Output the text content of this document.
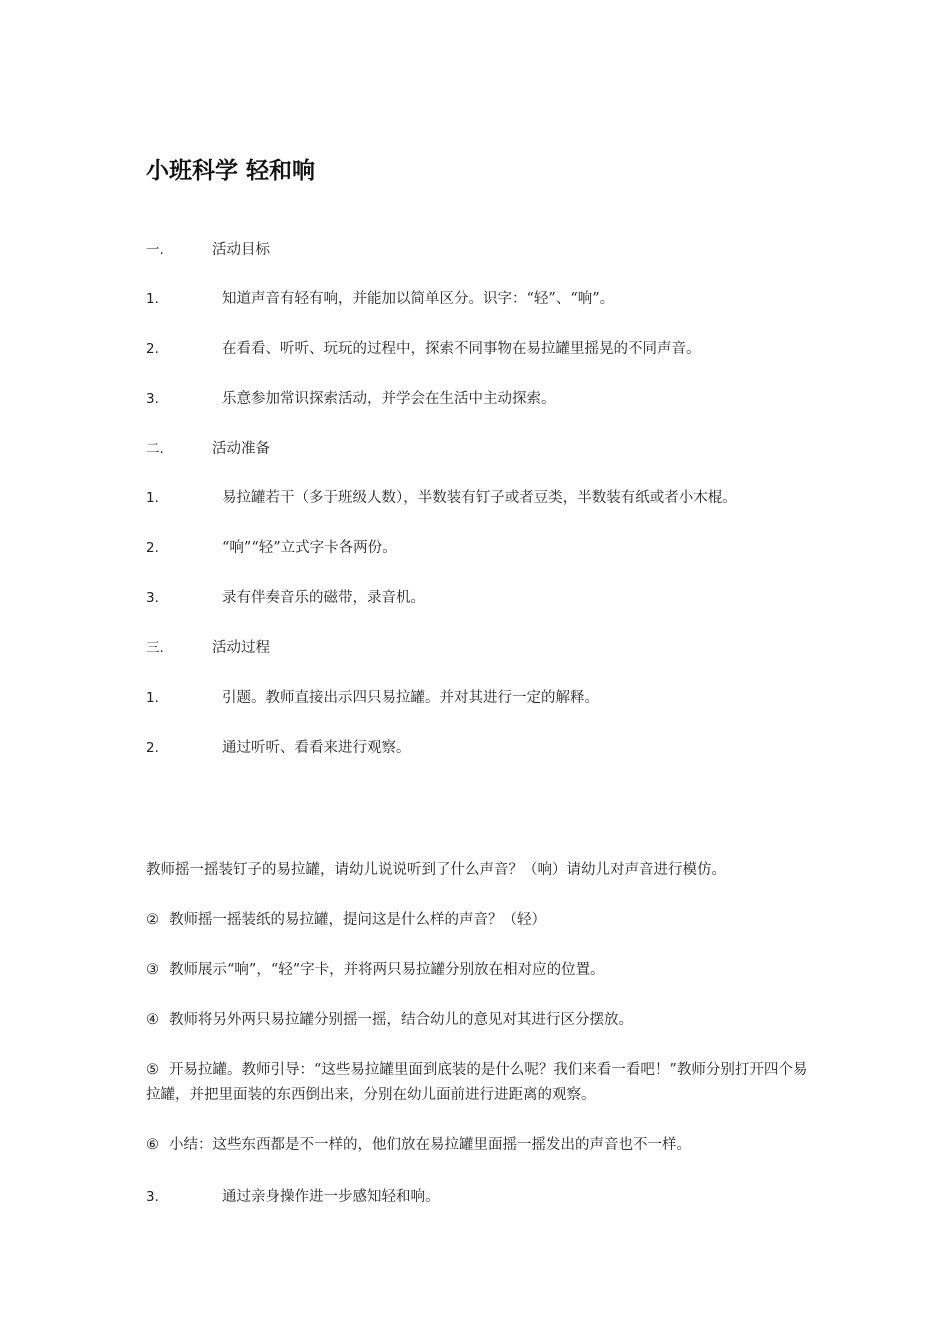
小班科学 轻和响
一.	活动目标
1.	知道声音有轻有响，并能加以简单区分。识字：“轻”、“响”。
2.	在看看、听听、玩玩的过程中，探索不同事物在易拉罐里摇晃的不同声音。
3.	乐意参加常识探索活动，并学会在生活中主动探索。
二.	活动准备
1.	易拉罐若干（多于班级人数），半数装有钉子或者豆类，半数装有纸或者小木棍。
2.	“响”“轻”立式字卡各两份。
3.	录有伴奏音乐的磁带，录音机。
三.	活动过程
1.	引题。教师直接出示四只易拉罐。并对其进行一定的解释。
2.	通过听听、看看来进行观察。
教师摇一摇装钉子的易拉罐，请幼儿说说听到了什么声音？（响）请幼儿对声音进行模仿。
② 教师摇一摇装纸的易拉罐，提问这是什么样的声音？（轻）
③ 教师展示“响”，“轻”字卡，并将两只易拉罐分别放在相对应的位置。
④ 教师将另外两只易拉罐分别摇一摇，结合幼儿的意见对其进行区分摆放。
⑤ 开易拉罐。教师引导：“这些易拉罐里面到底装的是什么呢？我们来看一看吧！”教师分别打开四个易拉罐，并把里面装的东西倒出来，分别在幼儿面前进行进距离的观察。
⑥ 小结：这些东西都是不一样的，他们放在易拉罐里面摇一摇发出的声音也不一样。
3.	通过亲身操作进一步感知轻和响。
